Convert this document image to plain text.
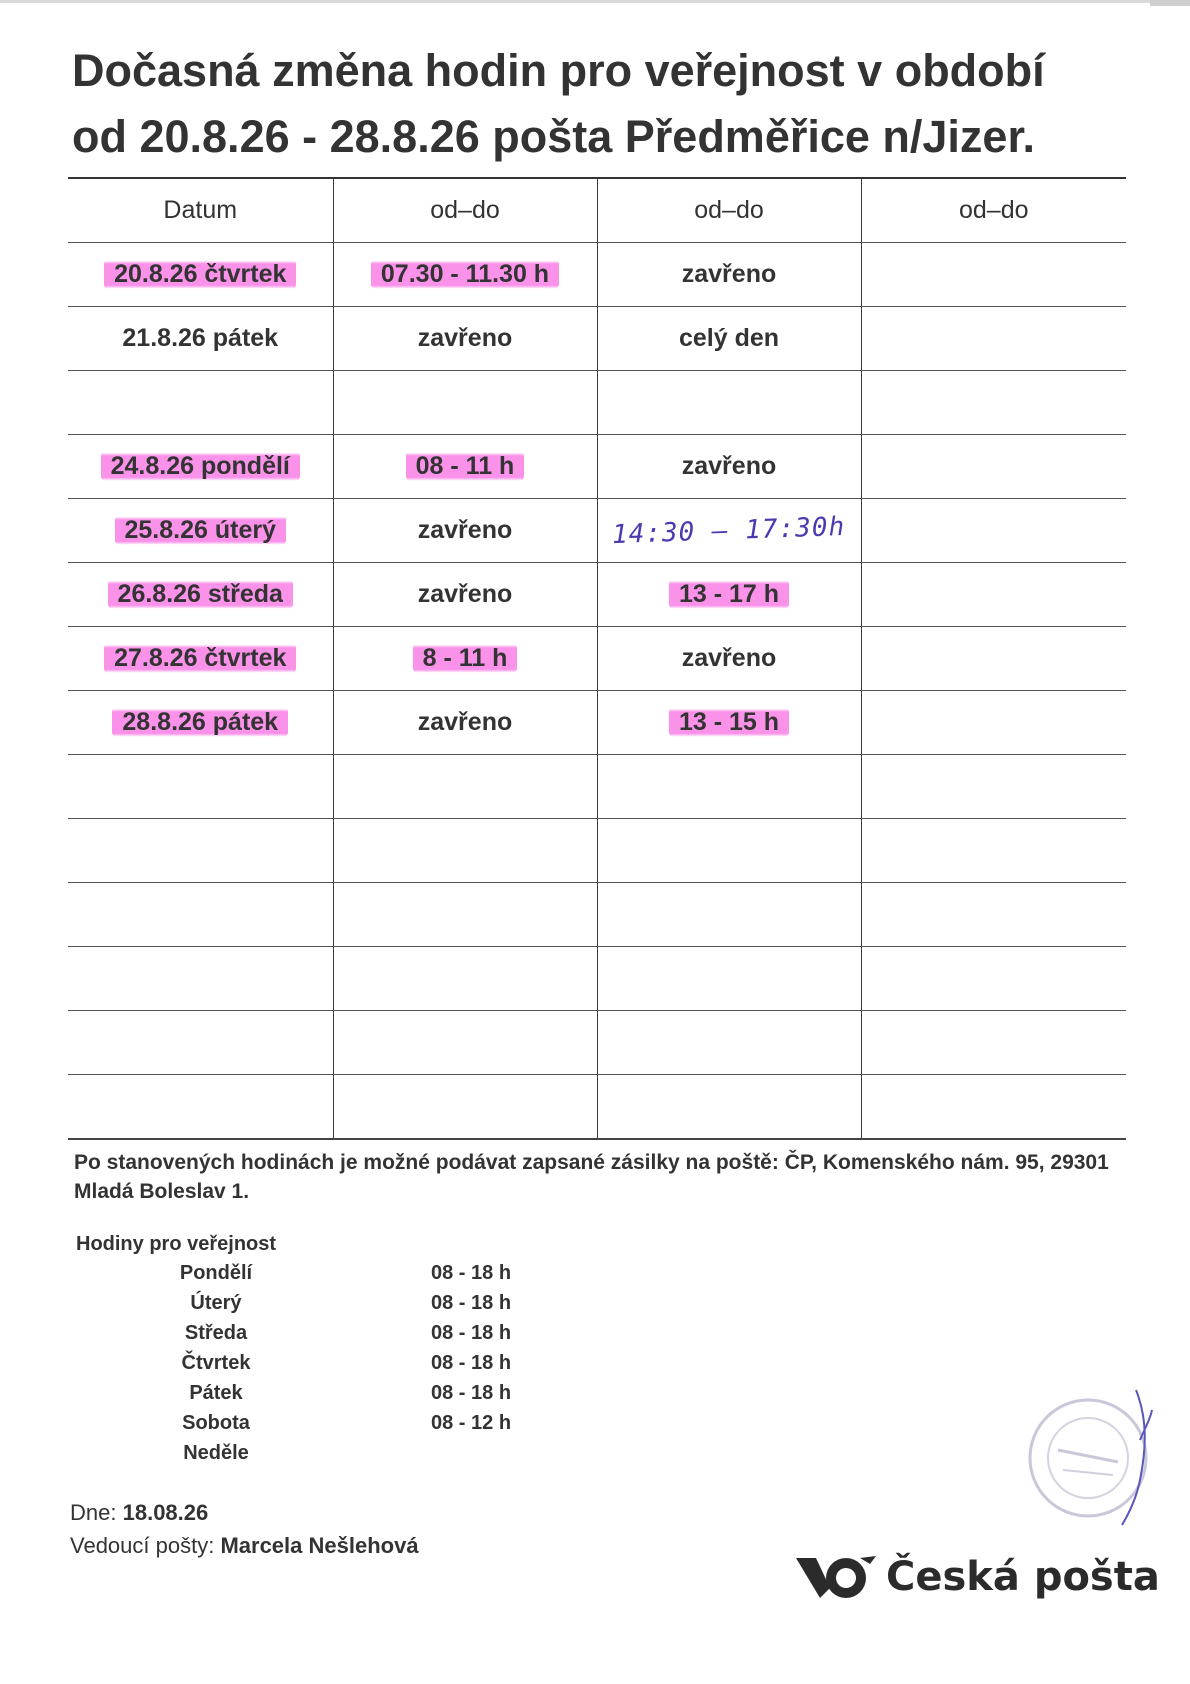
Dočasná změna hodin pro veřejnost v období
od 20.8.26 - 28.8.26 pošta Předměřice n/Jizer.
Datum	od–do	od–do	od–do
20.8.26 čtvrtek	07.30 - 11.30 h	zavřeno	
21.8.26 pátek	zavřeno	celý den	

24.8.26 pondělí	08 - 11 h	zavřeno	
25.8.26 úterý	zavřeno	14:30 – 17:30h	
26.8.26 středa	zavřeno	13 - 17 h	
27.8.26 čtvrtek	8 - 11 h	zavřeno	
28.8.26 pátek	zavřeno	13 - 15 h	

Po stanovených hodinách je možné podávat zapsané zásilky na poště: ČP, Komenského nám. 95, 29301 Mladá Boleslav 1.
Hodiny pro veřejnost
Pondělí	08 - 18 h
Úterý	08 - 18 h
Středa	08 - 18 h
Čtvrtek	08 - 18 h
Pátek	08 - 18 h
Sobota	08 - 12 h
Neděle
Dne: 18.08.26
Vedoucí pošty: Marcela Nešlehová
Česká pošta
